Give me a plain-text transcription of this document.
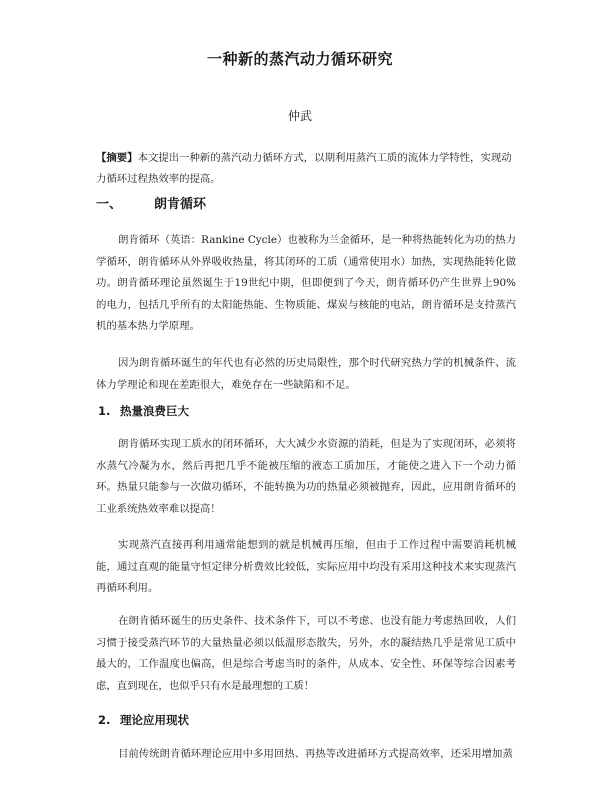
一种新的蒸汽动力循环研究
仲武
【摘要】本文提出一种新的蒸汽动力循环方式，以期利用蒸汽工质的流体力学特性，实现动力循环过程热效率的提高。
一、 朗肯循环
朗肯循环（英语：Rankine Cycle）也被称为兰金循环，是一种将热能转化为功的热力学循环，朗肯循环从外界吸收热量，将其闭环的工质（通常使用水）加热，实现热能转化做功。朗肯循环理论虽然诞生于19世纪中期，但即便到了今天，朗肯循环仍产生世界上90%的电力，包括几乎所有的太阳能热能、生物质能、煤炭与核能的电站，朗肯循环是支持蒸汽机的基本热力学原理。
因为朗肯循环诞生的年代也有必然的历史局限性，那个时代研究热力学的机械条件、流体力学理论和现在差距很大，难免存在一些缺陷和不足。
1. 热量浪费巨大
朗肯循环实现工质水的闭环循环，大大减少水资源的消耗，但是为了实现闭环，必须将水蒸气冷凝为水，然后再把几乎不能被压缩的液态工质加压，才能使之进入下一个动力循环。热量只能参与一次做功循环，不能转换为功的热量必须被抛弃，因此，应用朗肯循环的工业系统热效率难以提高！
实现蒸汽直接再利用通常能想到的就是机械再压缩，但由于工作过程中需要消耗机械能，通过直观的能量守恒定律分析费效比较低，实际应用中均没有采用这种技术来实现蒸汽再循环利用。
在朗肯循环诞生的历史条件、技术条件下，可以不考虑、也没有能力考虑热回收，人们习惯于接受蒸汽环节的大量热量必须以低温形态散失，另外，水的凝结热几乎是常见工质中最大的，工作温度也偏高，但是综合考虑当时的条件，从成本、安全性、环保等综合因素考虑，直到现在，也似乎只有水是最理想的工质！
2. 理论应用现状
目前传统朗肯循环理论应用中多用回热、再热等改进循环方式提高效率，还采用增加蒸
